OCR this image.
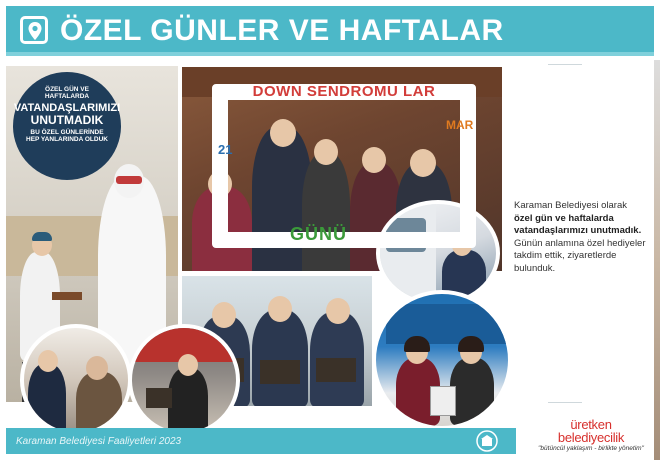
ÖZEL GÜNLER VE HAFTALAR
ÖZEL GÜN VE
HAFTALARDA
VATANDAŞLARIMIZI
UNUTMADIK
BU ÖZEL GÜNLERİNDE
HEP YANLARINDA OLDUK
DOWN SENDROMU LAR
21
MAR
GÜNÜ
Karaman Belediyesi olarak
özel gün ve haftalarda vatandaşlarımızı unutmadık. Günün anlamına özel hediyeler takdim ettik, ziyaretlerde bulunduk.
Karaman Belediyesi Faaliyetleri 2023
üretken
belediyecilik
"bütüncül yaklaşım - birlikte yönetim"
